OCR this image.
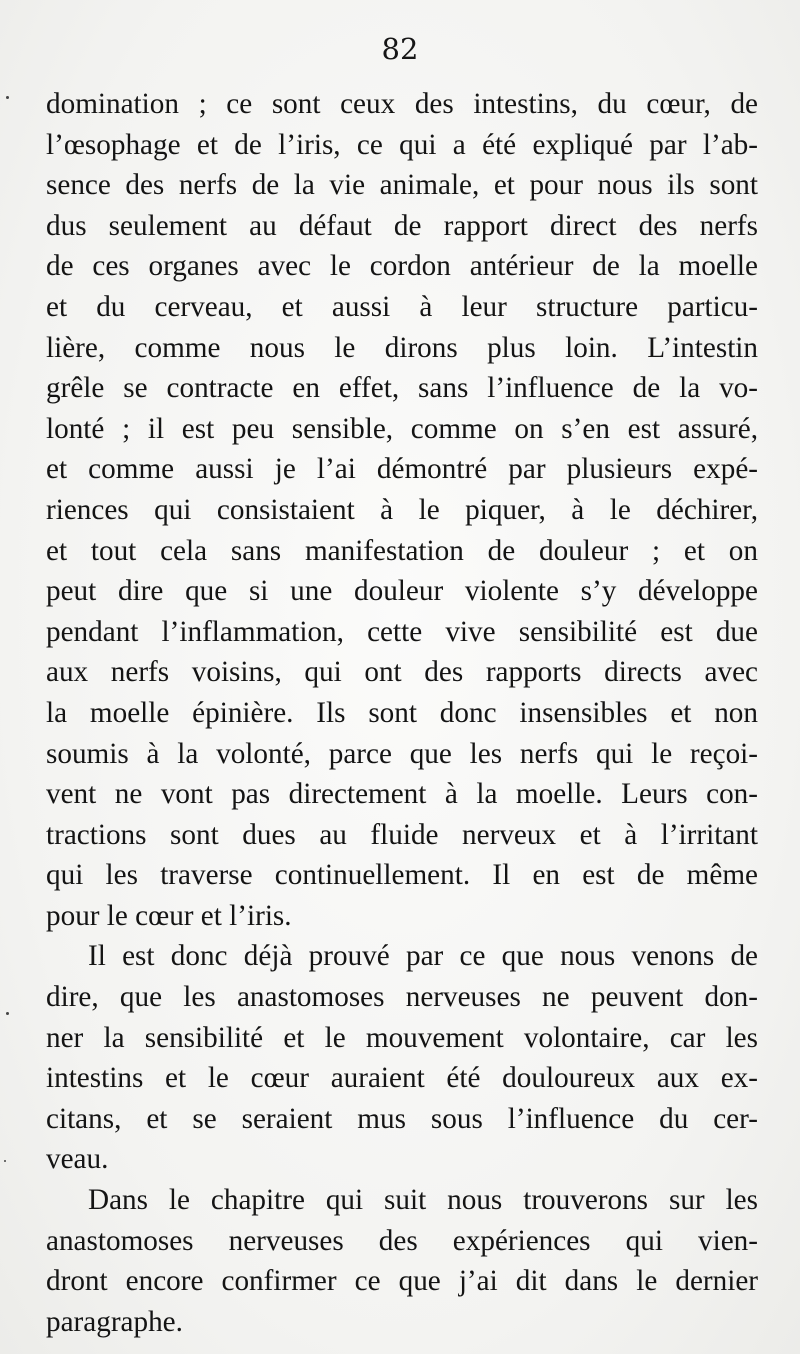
82
domination ; ce sont ceux des intestins, du cœur, de
l’œsophage et de l’iris, ce qui a été expliqué par l’ab-
sence des nerfs de la vie animale, et pour nous ils sont
dus seulement au défaut de rapport direct des nerfs
de ces organes avec le cordon antérieur de la moelle
et du cerveau, et aussi à leur structure particu-
lière, comme nous le dirons plus loin. L’intestin
grêle se contracte en effet, sans l’influence de la vo-
lonté ; il est peu sensible, comme on s’en est assuré,
et comme aussi je l’ai démontré par plusieurs expé-
riences qui consistaient à le piquer, à le déchirer,
et tout cela sans manifestation de douleur ; et on
peut dire que si une douleur violente s’y développe
pendant l’inflammation, cette vive sensibilité est due
aux nerfs voisins, qui ont des rapports directs avec
la moelle épinière. Ils sont donc insensibles et non
soumis à la volonté, parce que les nerfs qui le reçoi-
vent ne vont pas directement à la moelle. Leurs con-
tractions sont dues au fluide nerveux et à l’irritant
qui les traverse continuellement. Il en est de même
pour le cœur et l’iris.
Il est donc déjà prouvé par ce que nous venons de
dire, que les anastomoses nerveuses ne peuvent don-
ner la sensibilité et le mouvement volontaire, car les
intestins et le cœur auraient été douloureux aux ex-
citans, et se seraient mus sous l’influence du cer-
veau.
Dans le chapitre qui suit nous trouverons sur les
anastomoses nerveuses des expériences qui vien-
dront encore confirmer ce que j’ai dit dans le dernier
paragraphe.
